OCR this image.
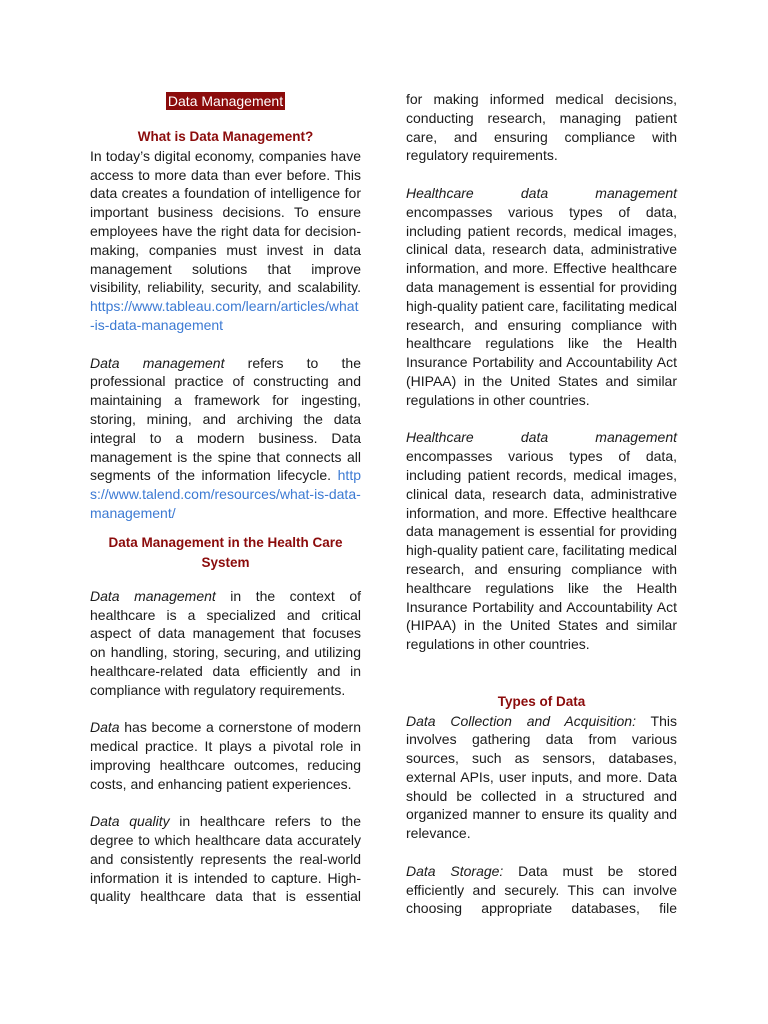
Data Management
What is Data Management?

In today’s digital economy, companies have access to more data than ever before. This data creates a foundation of intelligence for important business decisions. To ensure employees have the right data for decision-making, companies must invest in data management solutions that improve visibility, reliability, security, and scalability. https://www.tableau.com/learn/articles/what-is-data-management

Data management refers to the professional practice of constructing and maintaining a framework for ingesting, storing, mining, and archiving the data integral to a modern business. Data management is the spine that connects all segments of the information lifecycle. https://www.talend.com/resources/what-is-data-management/

Data Management in the Health Care System

Data management in the context of healthcare is a specialized and critical aspect of data management that focuses on handling, storing, securing, and utilizing healthcare-related data efficiently and in compliance with regulatory requirements.

Data has become a cornerstone of modern medical practice. It plays a pivotal role in improving healthcare outcomes, reducing costs, and enhancing patient experiences.

Data quality in healthcare refers to the degree to which healthcare data accurately and consistently represents the real-world information it is intended to capture. High-quality healthcare data that is essential

for making informed medical decisions, conducting research, managing patient care, and ensuring compliance with regulatory requirements.

Healthcare data management encompasses various types of data, including patient records, medical images, clinical data, research data, administrative information, and more. Effective healthcare data management is essential for providing high-quality patient care, facilitating medical research, and ensuring compliance with healthcare regulations like the Health Insurance Portability and Accountability Act (HIPAA) in the United States and similar regulations in other countries.

Healthcare data management encompasses various types of data, including patient records, medical images, clinical data, research data, administrative information, and more. Effective healthcare data management is essential for providing high-quality patient care, facilitating medical research, and ensuring compliance with healthcare regulations like the Health Insurance Portability and Accountability Act (HIPAA) in the United States and similar regulations in other countries.

Types of Data

Data Collection and Acquisition: This involves gathering data from various sources, such as sensors, databases, external APIs, user inputs, and more. Data should be collected in a structured and organized manner to ensure its quality and relevance.

Data Storage: Data must be stored efficiently and securely. This can involve choosing appropriate databases, file
